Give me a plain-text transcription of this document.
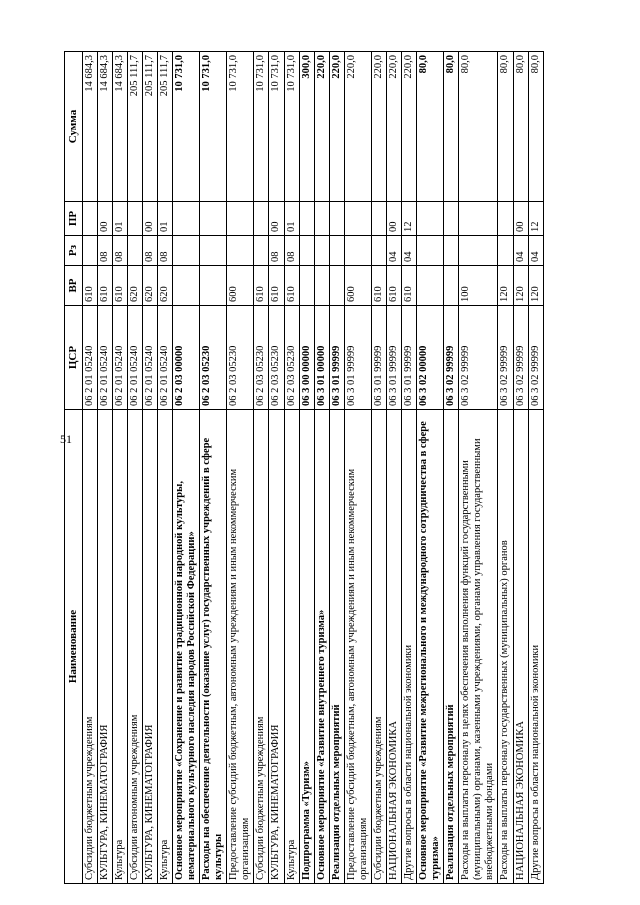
51
Наименование	ЦСР	ВР	Рз	ПР	Сумма
Субсидии бюджетным учреждениям	06 2 01 05240	610			14 684,3
КУЛЬТУРА, КИНЕМАТОГРАФИЯ	06 2 01 05240	610	08	00	14 684,3
Культура	06 2 01 05240	610	08	01	14 684,3
Субсидии автономным учреждениям	06 2 01 05240	620			205 111,7
КУЛЬТУРА, КИНЕМАТОГРАФИЯ	06 2 01 05240	620	08	00	205 111,7
Культура	06 2 01 05240	620	08	01	205 111,7
Основное мероприятие «Сохранение и развитие традиционной народной культуры, нематериального культурного наследия народов Российской Федерации»	06 2 03 00000				10 731,0
Расходы на обеспечение деятельности (оказание услуг) государственных учреждений в сфере культуры	06 2 03 05230				10 731,0
Предоставление субсидий бюджетным, автономным учреждениям и иным некоммерческим организациям	06 2 03 05230	600			10 731,0
Субсидии бюджетным учреждениям	06 2 03 05230	610			10 731,0
КУЛЬТУРА, КИНЕМАТОГРАФИЯ	06 2 03 05230	610	08	00	10 731,0
Культура	06 2 03 05230	610	08	01	10 731,0
Подпрограмма «Туризм»	06 3 00 00000				300,0
Основное мероприятие «Развитие внутреннего туризма»	06 3 01 00000				220,0
Реализация отдельных мероприятий	06 3 01 99999				220,0
Предоставление субсидий бюджетным, автономным учреждениям и иным некоммерческим организациям	06 3 01 99999	600			220,0
Субсидии бюджетным учреждениям	06 3 01 99999	610			220,0
НАЦИОНАЛЬНАЯ ЭКОНОМИКА	06 3 01 99999	610	04	00	220,0
Другие вопросы в области национальной экономики	06 3 01 99999	610	04	12	220,0
Основное мероприятие «Развитие межрегионального и международного сотрудничества в сфере туризма»	06 3 02 00000				80,0
Реализация отдельных мероприятий	06 3 02 99999				80,0
Расходы на выплаты персоналу в целях обеспечения выполнения функций государственными (муниципальными) органами, казенными учреждениями, органами управления государственными внебюджетными фондами	06 3 02 99999	100			80,0
Расходы на выплаты персоналу государственных (муниципальных) органов	06 3 02 99999	120			80,0
НАЦИОНАЛЬНАЯ ЭКОНОМИКА	06 3 02 99999	120	04	00	80,0
Другие вопросы в области национальной экономики	06 3 02 99999	120	04	12	80,0
